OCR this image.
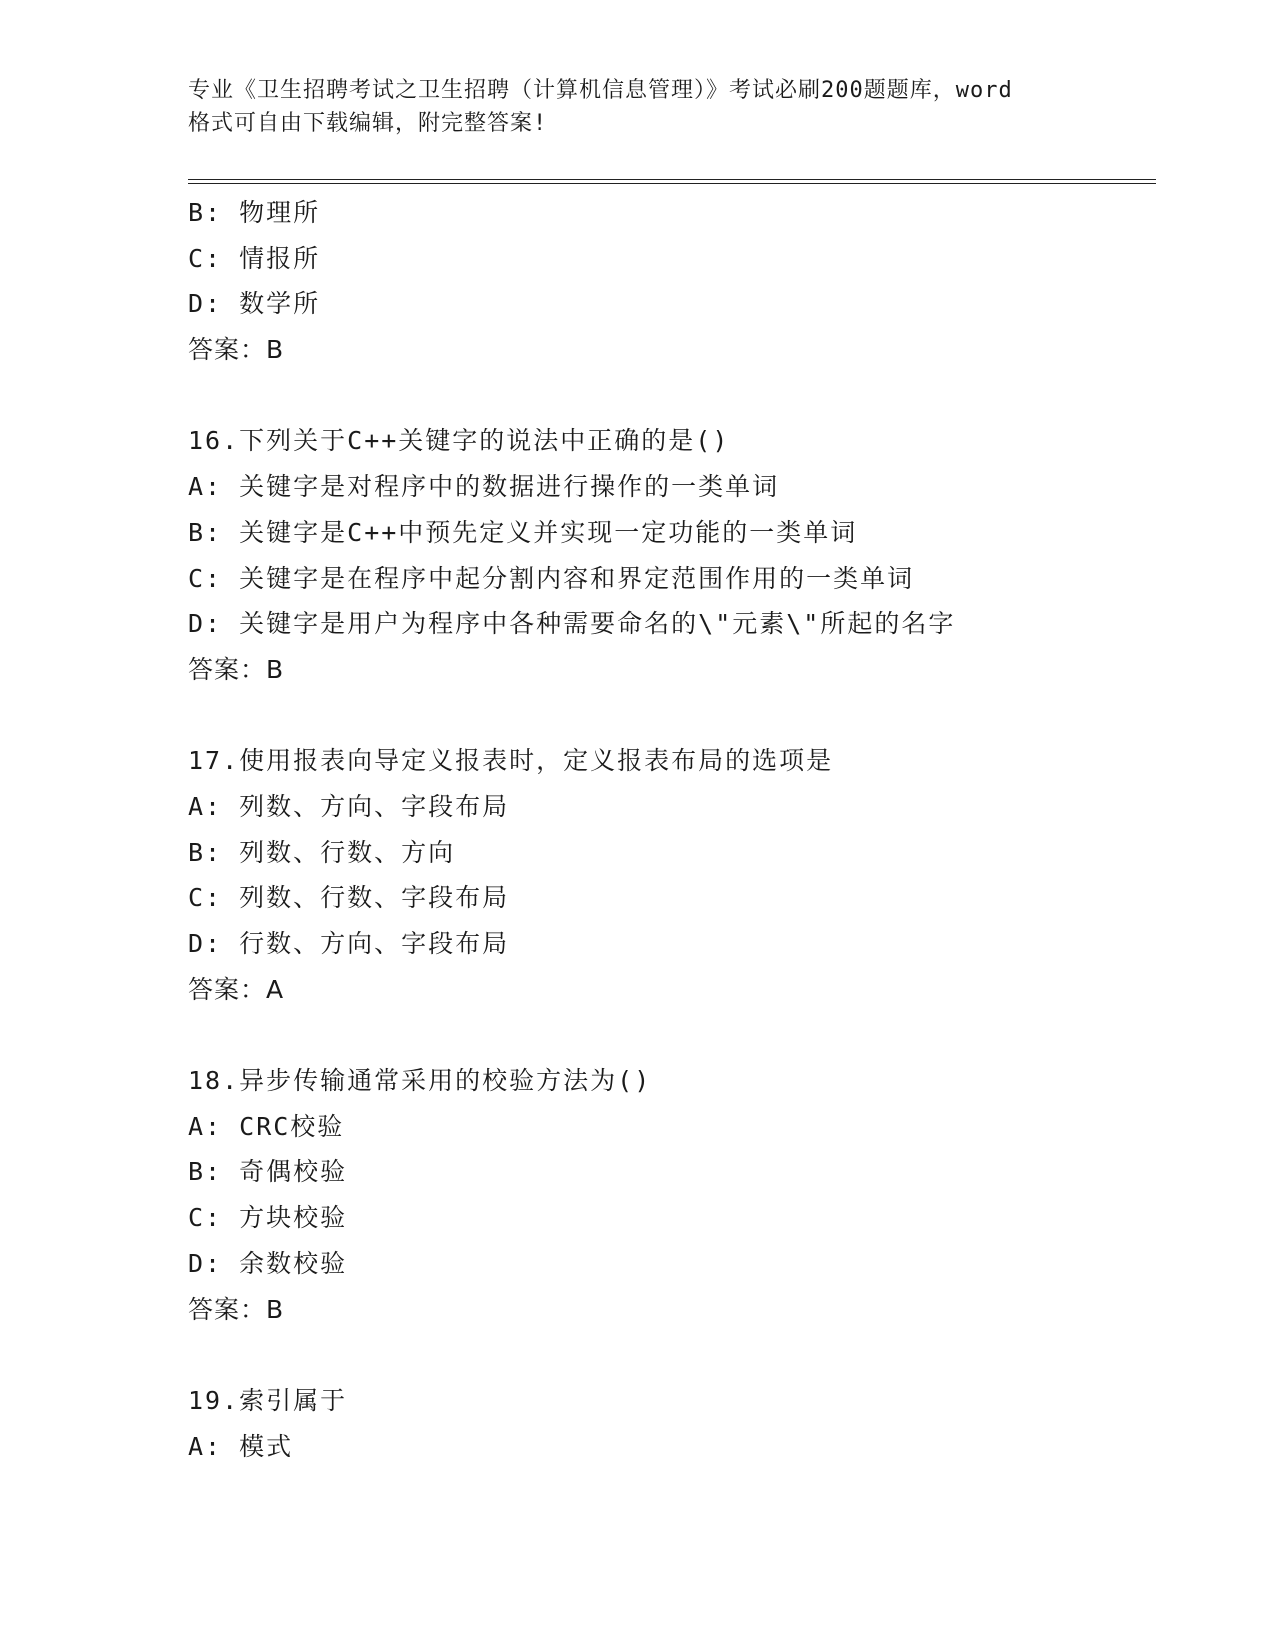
专业《卫生招聘考试之卫生招聘（计算机信息管理）》考试必刷200题题库，word
格式可自由下载编辑，附完整答案!
B: 物理所
C: 情报所
D: 数学所
答案：B
16.下列关于C++关键字的说法中正确的是()
A: 关键字是对程序中的数据进行操作的一类单词
B: 关键字是C++中预先定义并实现一定功能的一类单词
C: 关键字是在程序中起分割内容和界定范围作用的一类单词
D: 关键字是用户为程序中各种需要命名的\"元素\"所起的名字
答案：B
17.使用报表向导定义报表时，定义报表布局的选项是
A: 列数、方向、字段布局
B: 列数、行数、方向
C: 列数、行数、字段布局
D: 行数、方向、字段布局
答案：A
18.异步传输通常采用的校验方法为()
A: CRC校验
B: 奇偶校验
C: 方块校验
D: 余数校验
答案：B
19.索引属于
A: 模式
